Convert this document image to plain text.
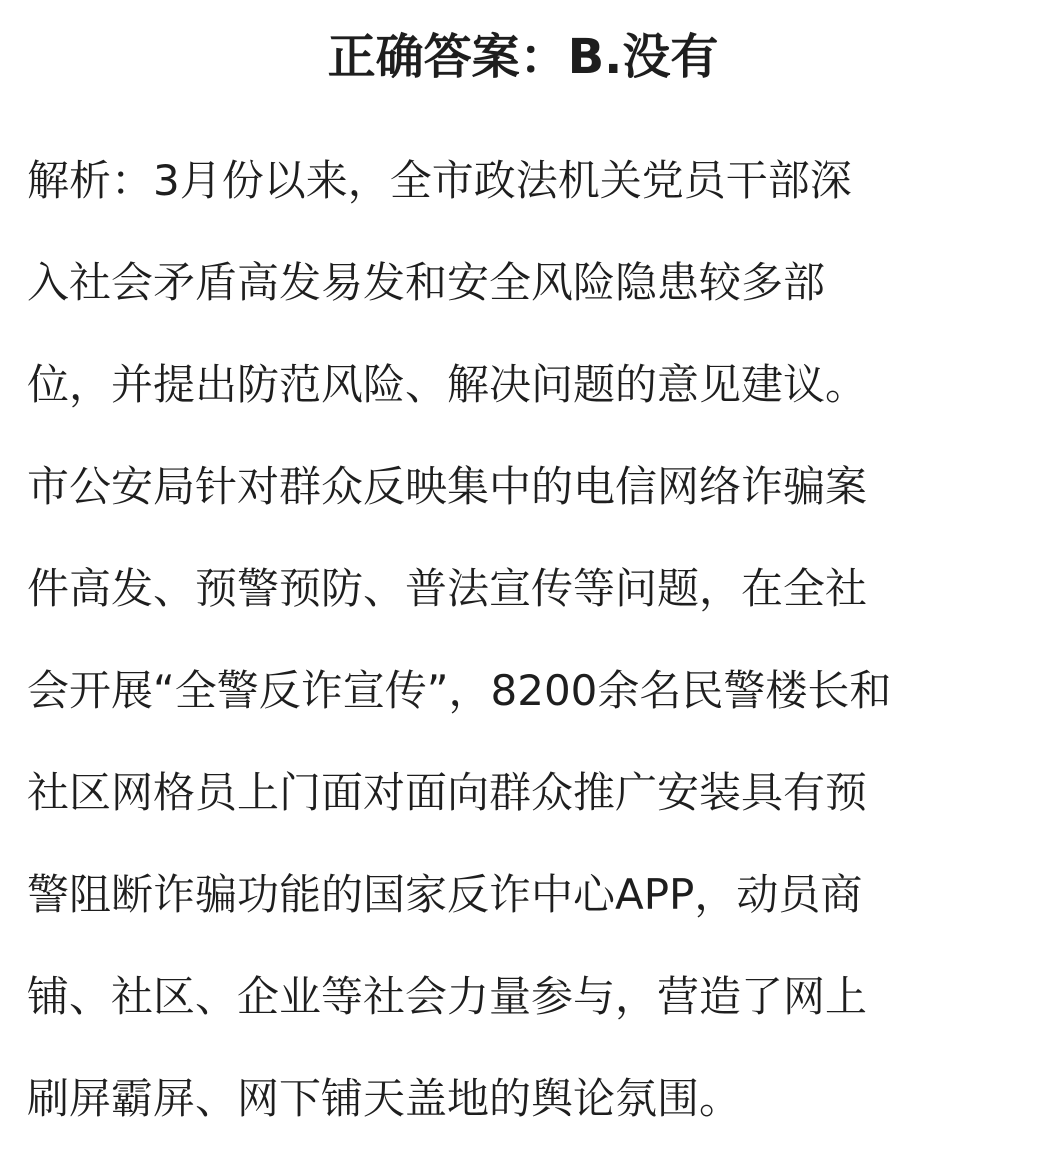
正确答案：B.没有
解析：3月份以来，全市政法机关党员干部深
入社会矛盾高发易发和安全风险隐患较多部
位，并提出防范风险、解决问题的意见建议。
市公安局针对群众反映集中的电信网络诈骗案
件高发、预警预防、普法宣传等问题，在全社
会开展“全警反诈宣传”，8200余名民警楼长和
社区网格员上门面对面向群众推广安装具有预
警阻断诈骗功能的国家反诈中心APP，动员商
铺、社区、企业等社会力量参与，营造了网上
刷屏霸屏、网下铺天盖地的舆论氛围。
